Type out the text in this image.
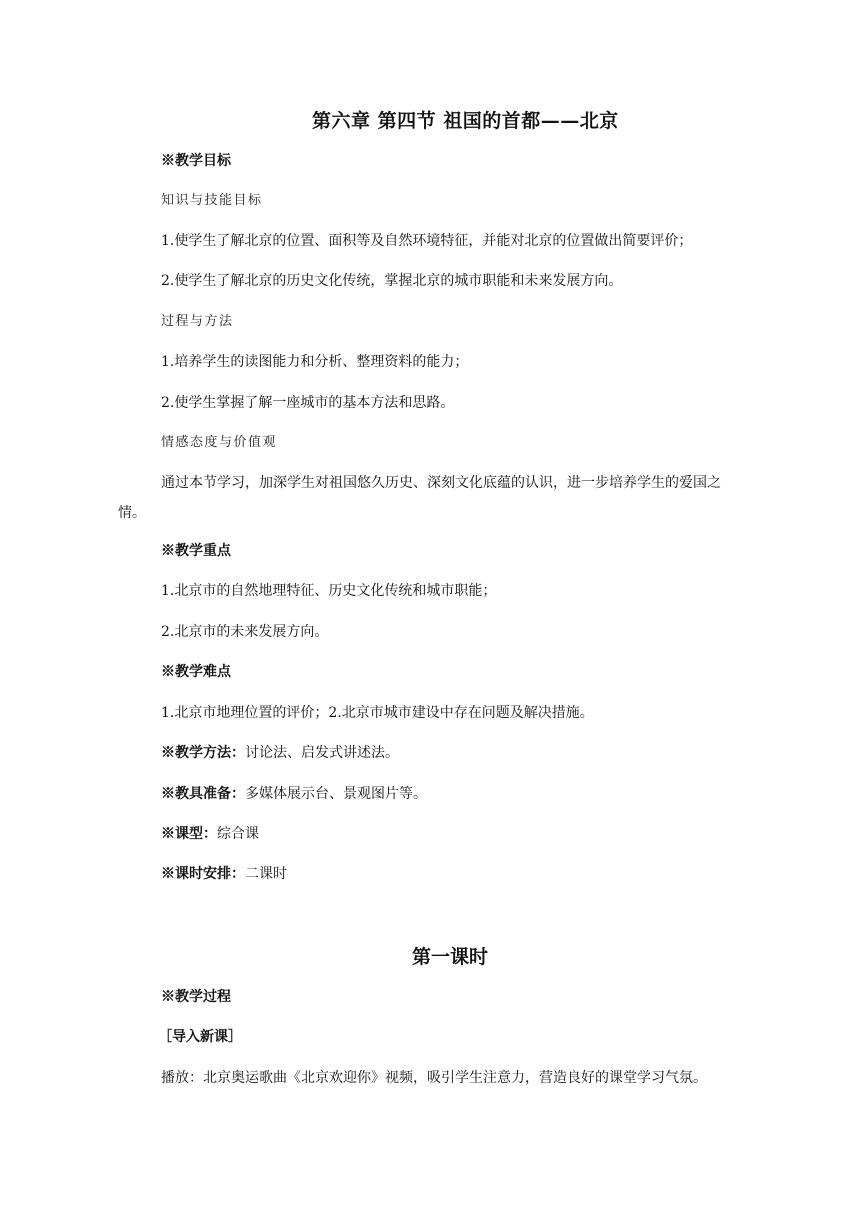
第六章 第四节 祖国的首都——北京
※教学目标
知识与技能目标
1.使学生了解北京的位置、面积等及自然环境特征，并能对北京的位置做出简要评价；
2.使学生了解北京的历史文化传统，掌握北京的城市职能和未来发展方向。
过程与方法
1.培养学生的读图能力和分析、整理资料的能力；
2.使学生掌握了解一座城市的基本方法和思路。
情感态度与价值观
通过本节学习，加深学生对祖国悠久历史、深刻文化底蕴的认识，进一步培养学生的爱国之情。
※教学重点
1.北京市的自然地理特征、历史文化传统和城市职能；
2.北京市的未来发展方向。
※教学难点
1.北京市地理位置的评价；2.北京市城市建设中存在问题及解决措施。
※教学方法：讨论法、启发式讲述法。
※教具准备：多媒体展示台、景观图片等。
※课型：综合课
※课时安排：二课时
第一课时
※教学过程
［导入新课］
播放：北京奥运歌曲《北京欢迎你》视频，吸引学生注意力，营造良好的课堂学习气氛。
